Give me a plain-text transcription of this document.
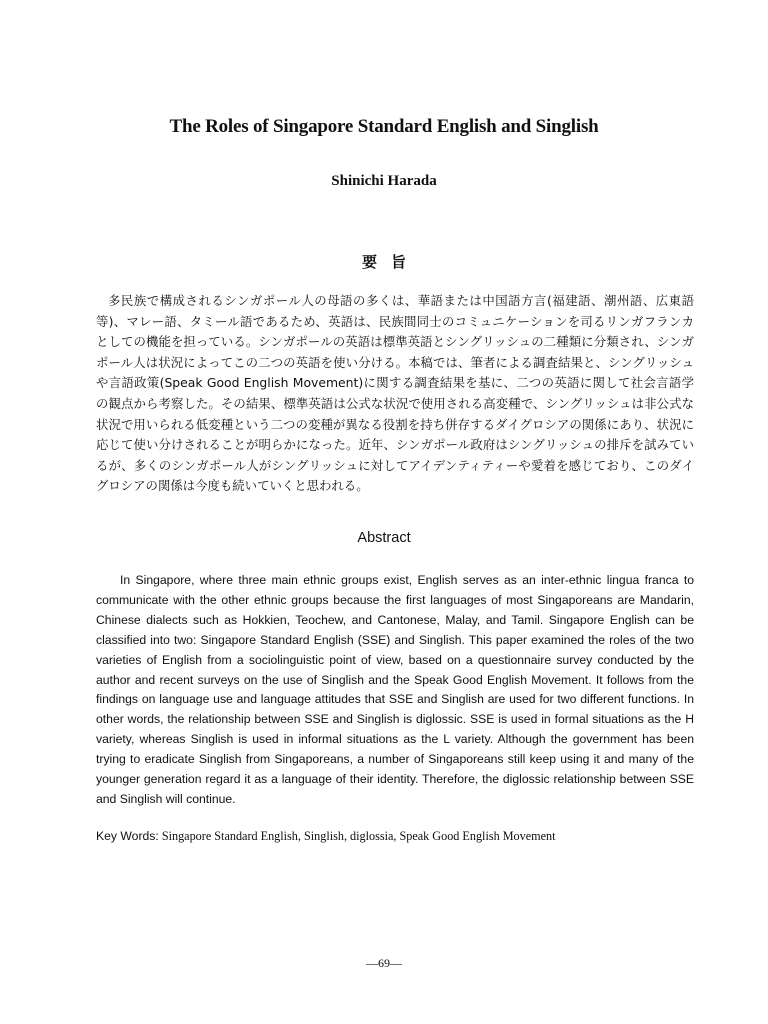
The Roles of Singapore Standard English and Singlish
Shinichi Harada
要旨

多民族で構成されるシンガポール人の母語の多くは、華語または中国語方言(福建語、潮州語、広東語等)、マレー語、タミール語であるため、英語は、民族間同士のコミュニケーションを司るリンガフランカとしての機能を担っている。シンガポールの英語は標準英語とシングリッシュの二種類に分類され、シンガポール人は状況によってこの二つの英語を使い分ける。本稿では、筆者による調査結果と、シングリッシュや言語政策(Speak Good English Movement)に関する調査結果を基に、二つの英語に関して社会言語学の観点から考察した。その結果、標準英語は公式な状況で使用される高変種で、シングリッシュは非公式な状況で用いられる低変種という二つの変種が異なる役割を持ち併存するダイグロシアの関係にあり、状況に応じて使い分けされることが明らかになった。近年、シンガポール政府はシングリッシュの排斥を試みているが、多くのシンガポール人がシングリッシュに対してアイデンティティーや愛着を感じており、このダイグロシアの関係は今度も続いていくと思われる。

Abstract

In Singapore, where three main ethnic groups exist, English serves as an inter-ethnic lingua franca to communicate with the other ethnic groups because the first languages of most Singaporeans are Mandarin, Chinese dialects such as Hokkien, Teochew, and Cantonese, Malay, and Tamil. Singapore English can be classified into two: Singapore Standard English (SSE) and Singlish. This paper examined the roles of the two varieties of English from a sociolinguistic point of view, based on a questionnaire survey conducted by the author and recent surveys on the use of Singlish and the Speak Good English Movement. It follows from the findings on language use and language attitudes that SSE and Singlish are used for two different functions. In other words, the relationship between SSE and Singlish is diglossic. SSE is used in formal situations as the H variety, whereas Singlish is used in informal situations as the L variety. Although the government has been trying to eradicate Singlish from Singaporeans, a number of Singaporeans still keep using it and many of the younger generation regard it as a language of their identity. Therefore, the diglossic relationship between SSE and Singlish will continue.

Key Words: Singapore Standard English, Singlish, diglossia, Speak Good English Movement
—69—
